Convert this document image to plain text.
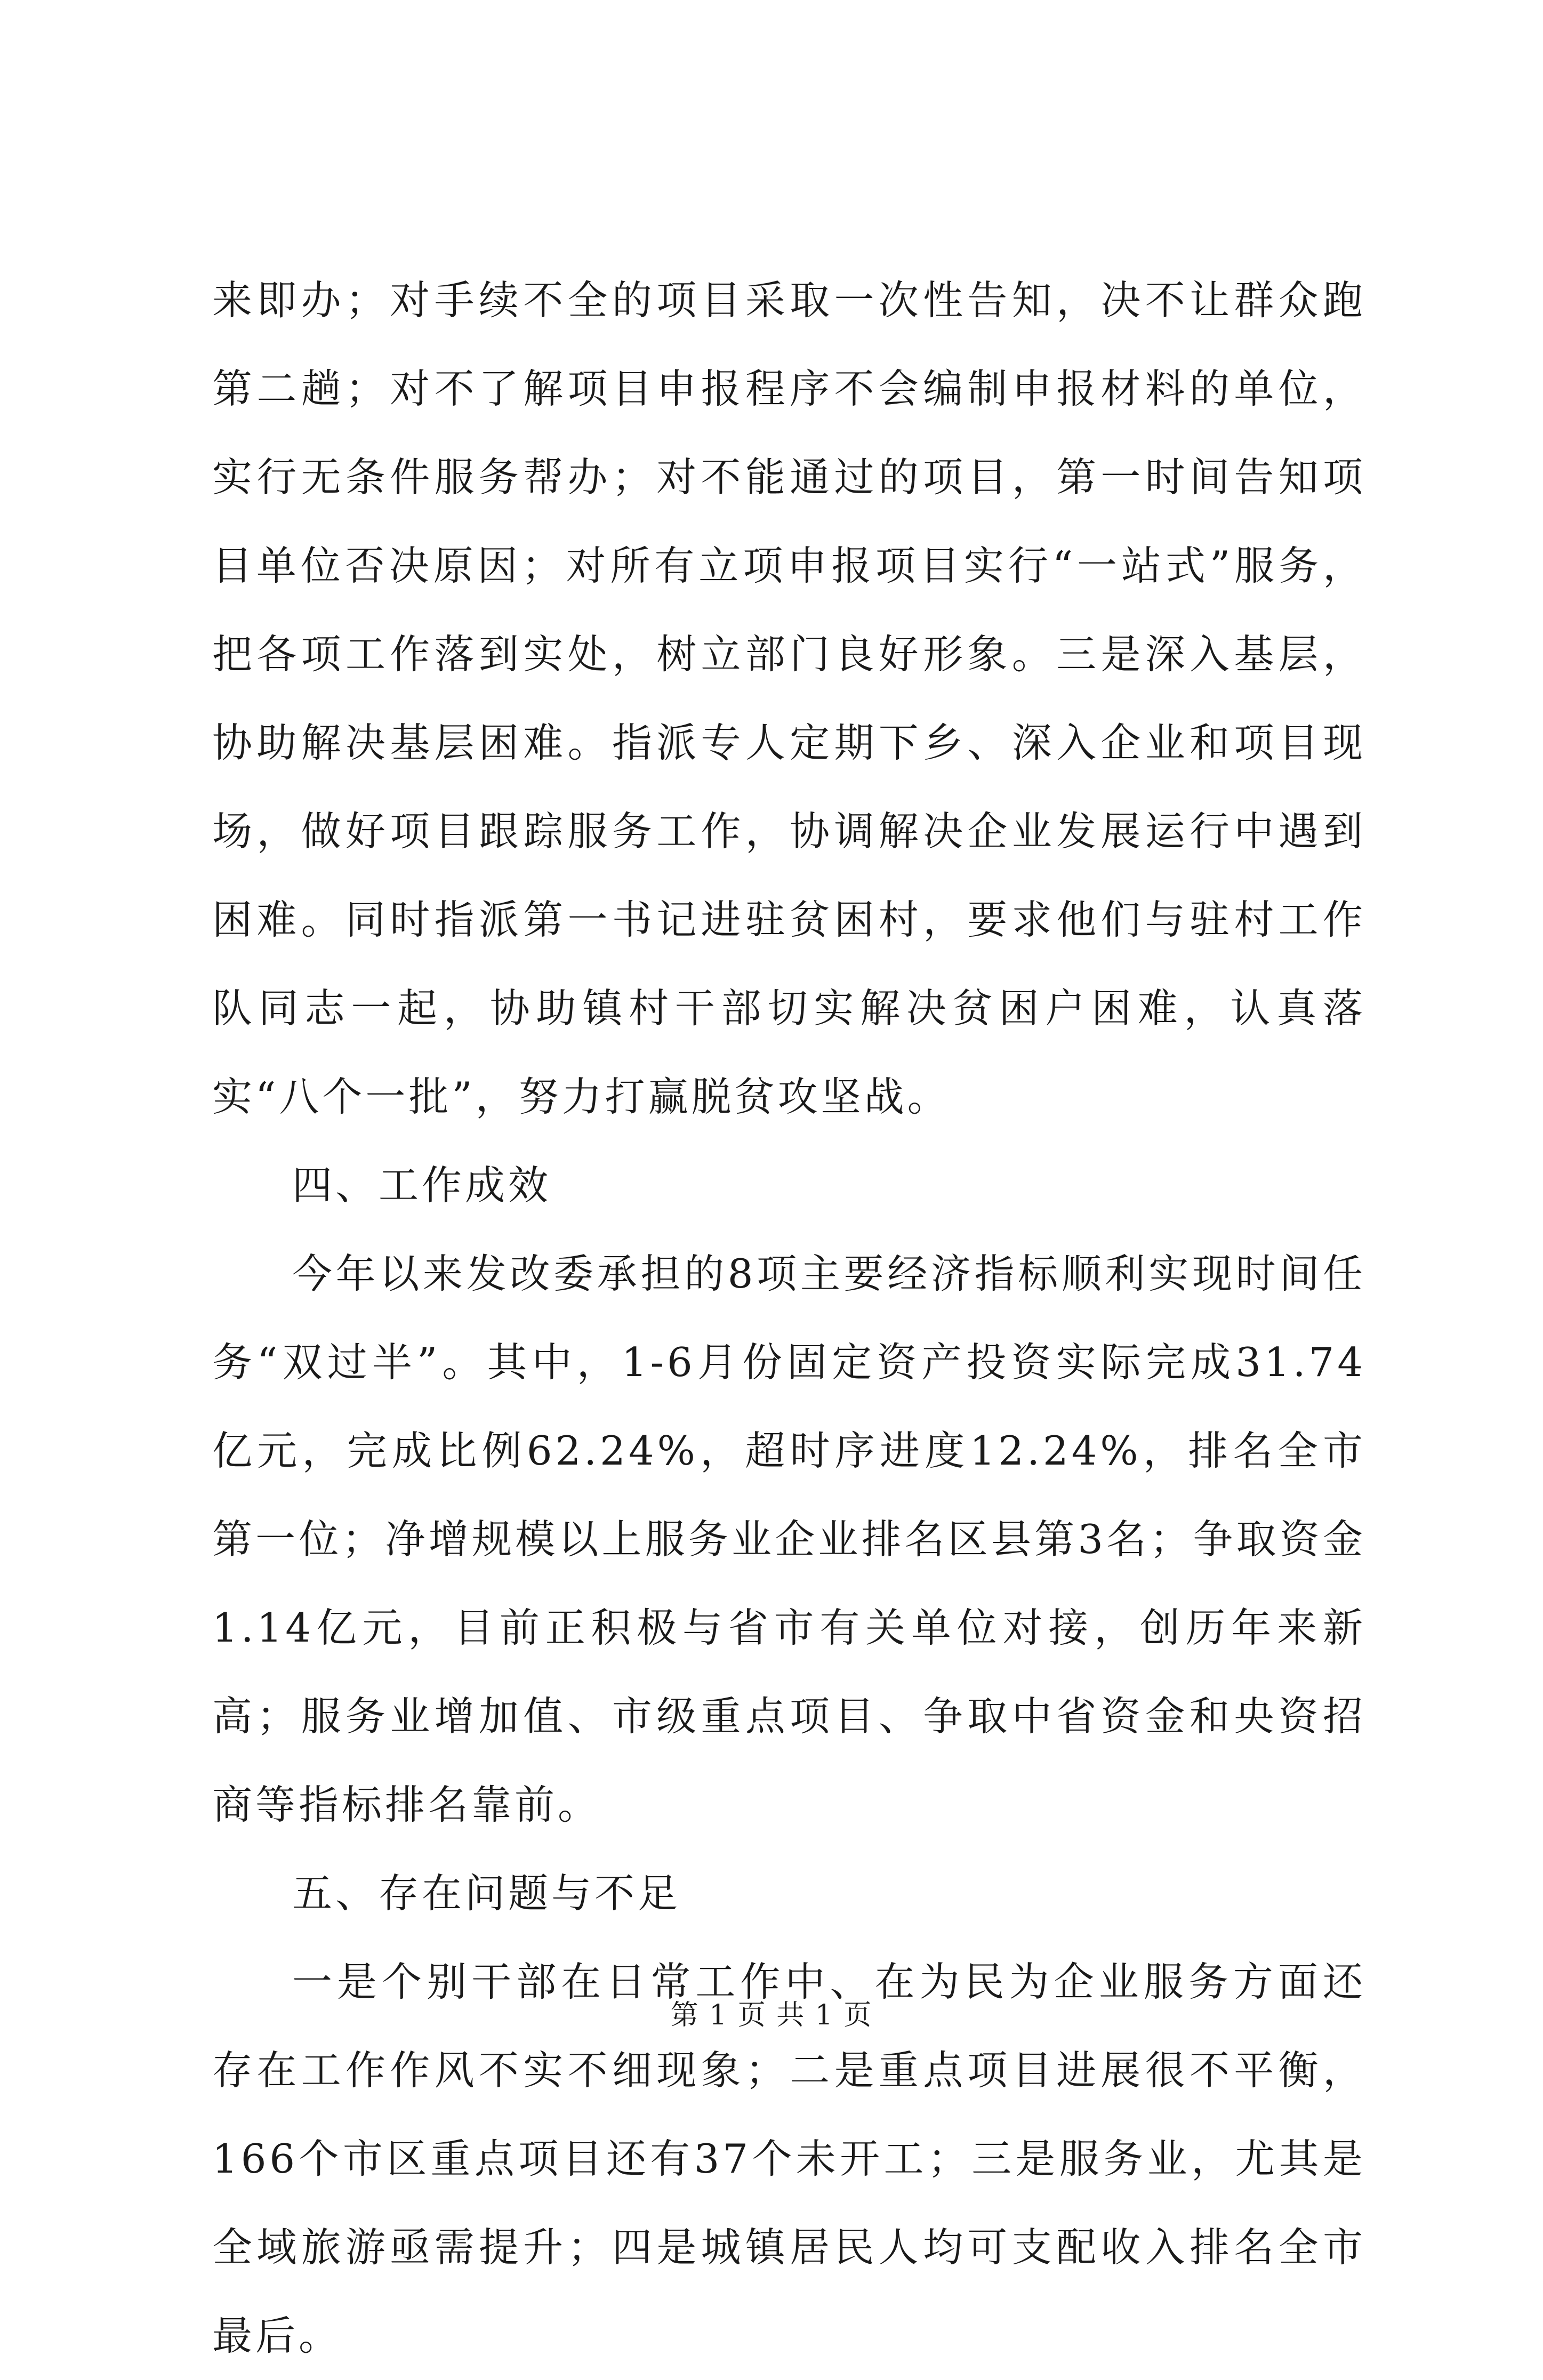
来即办；对手续不全的项目采取一次性告知，决不让群众跑第二趟；对不了解项目申报程序不会编制申报材料的单位，实行无条件服务帮办；对不能通过的项目，第一时间告知项目单位否决原因；对所有立项申报项目实行“一站式”服务，把各项工作落到实处，树立部门良好形象。三是深入基层，协助解决基层困难。指派专人定期下乡、深入企业和项目现场，做好项目跟踪服务工作，协调解决企业发展运行中遇到困难。同时指派第一书记进驻贫困村，要求他们与驻村工作队同志一起，协助镇村干部切实解决贫困户困难，认真落实“八个一批”，努力打赢脱贫攻坚战。

四、工作成效

今年以来发改委承担的8项主要经济指标顺利实现时间任务“双过半”。其中，1-6月份固定资产投资实际完成31.74亿元，完成比例62.24%，超时序进度12.24%，排名全市第一位；净增规模以上服务业企业排名区县第3名；争取资金1.14亿元，目前正积极与省市有关单位对接，创历年来新高；服务业增加值、市级重点项目、争取中省资金和央资招商等指标排名靠前。

五、存在问题与不足

一是个别干部在日常工作中、在为民为企业服务方面还存在工作作风不实不细现象；二是重点项目进展很不平衡，166个市区重点项目还有37个未开工；三是服务业，尤其是全域旅游亟需提升；四是城镇居民人均可支配收入排名全市最后。

第 1 页 共 1 页
